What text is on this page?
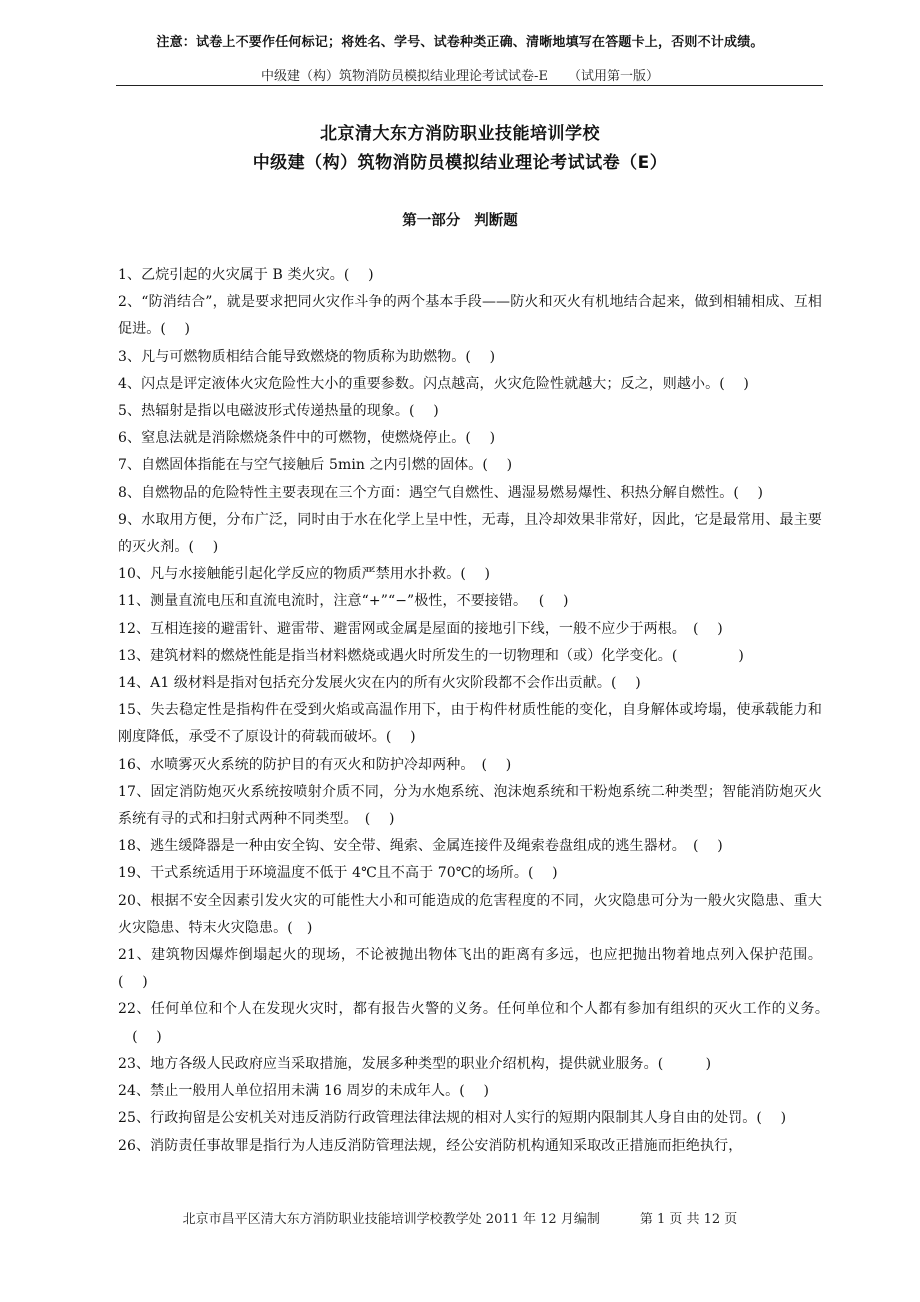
注意：试卷上不要作任何标记；将姓名、学号、试卷种类正确、清晰地填写在答题卡上，否则不计成绩。
中级建（构）筑物消防员模拟结业理论考试试卷-E （试用第一版）
北京清大东方消防职业技能培训学校
中级建（构）筑物消防员模拟结业理论考试试卷（E）
第一部分 判断题
1、乙烷引起的火灾属于 B 类火灾。(　 )
2、“防消结合”，就是要求把同火灾作斗争的两个基本手段——防火和灭火有机地结合起来，做到相辅相成、互相促进。(　 )
3、凡与可燃物质相结合能导致燃烧的物质称为助燃物。(　 )
4、闪点是评定液体火灾危险性大小的重要参数。闪点越高，火灾危险性就越大；反之，则越小。(　 )
5、热辐射是指以电磁波形式传递热量的现象。(　 )
6、窒息法就是消除燃烧条件中的可燃物，使燃烧停止。(　 )
7、自燃固体指能在与空气接触后 5min 之内引燃的固体。(　 )
8、自燃物品的危险特性主要表现在三个方面：遇空气自燃性、遇湿易燃易爆性、积热分解自燃性。(　 )
9、水取用方便，分布广泛，同时由于水在化学上呈中性，无毒，且冷却效果非常好，因此，它是最常用、最主要的灭火剂。(　 )
10、凡与水接触能引起化学反应的物质严禁用水扑救。(　 )
11、测量直流电压和直流电流时，注意“+”“−”极性，不要接错。　 (　 )
12、互相连接的避雷针、避雷带、避雷网或金属是屋面的接地引下线，一般不应少于两根。　(　 )
13、建筑材料的燃烧性能是指当材料燃烧或遇火时所发生的一切物理和（或）化学变化。(　　　　 )
14、A1 级材料是指对包括充分发展火灾在内的所有火灾阶段都不会作出贡献。(　 )
15、失去稳定性是指构件在受到火焰或高温作用下，由于构件材质性能的变化，自身解体或垮塌，使承载能力和刚度降低，承受不了原设计的荷载而破坏。(　 )
16、水喷雾灭火系统的防护目的有灭火和防护冷却两种。　(　 )
17、固定消防炮灭火系统按喷射介质不同，分为水炮系统、泡沫炮系统和干粉炮系统二种类型；智能消防炮灭火系统有寻的式和扫射式两种不同类型。　(　 )
18、逃生缓降器是一种由安全钩、安全带、绳索、金属连接件及绳索卷盘组成的逃生器材。　(　 )
19、干式系统适用于环境温度不低于 4℃且不高于 70℃的场所。(　 )
20、根据不安全因素引发火灾的可能性大小和可能造成的危害程度的不同，火灾隐患可分为一般火灾隐患、重大火灾隐患、特末火灾隐患。(　)
21、建筑物因爆炸倒塌起火的现场，不论被抛出物体飞出的距离有多远，也应把抛出物着地点列入保护范围。(　 )
22、任何单位和个人在发现火灾时，都有报告火警的义务。任何单位和个人都有参加有组织的灭火工作的义务。　(　 )
23、地方各级人民政府应当采取措施，发展多种类型的职业介绍机构，提供就业服务。(　　　)
24、禁止一般用人单位招用未满 16 周岁的未成年人。(　 )
25、行政拘留是公安机关对违反消防行政管理法律法规的相对人实行的短期内限制其人身自由的处罚。(　 )
26、消防责任事故罪是指行为人违反消防管理法规，经公安消防机构通知采取改正措施而拒绝执行，
北京市昌平区清大东方消防职业技能培训学校教学处 2011 年 12 月编制	第 1 页 共 12 页
